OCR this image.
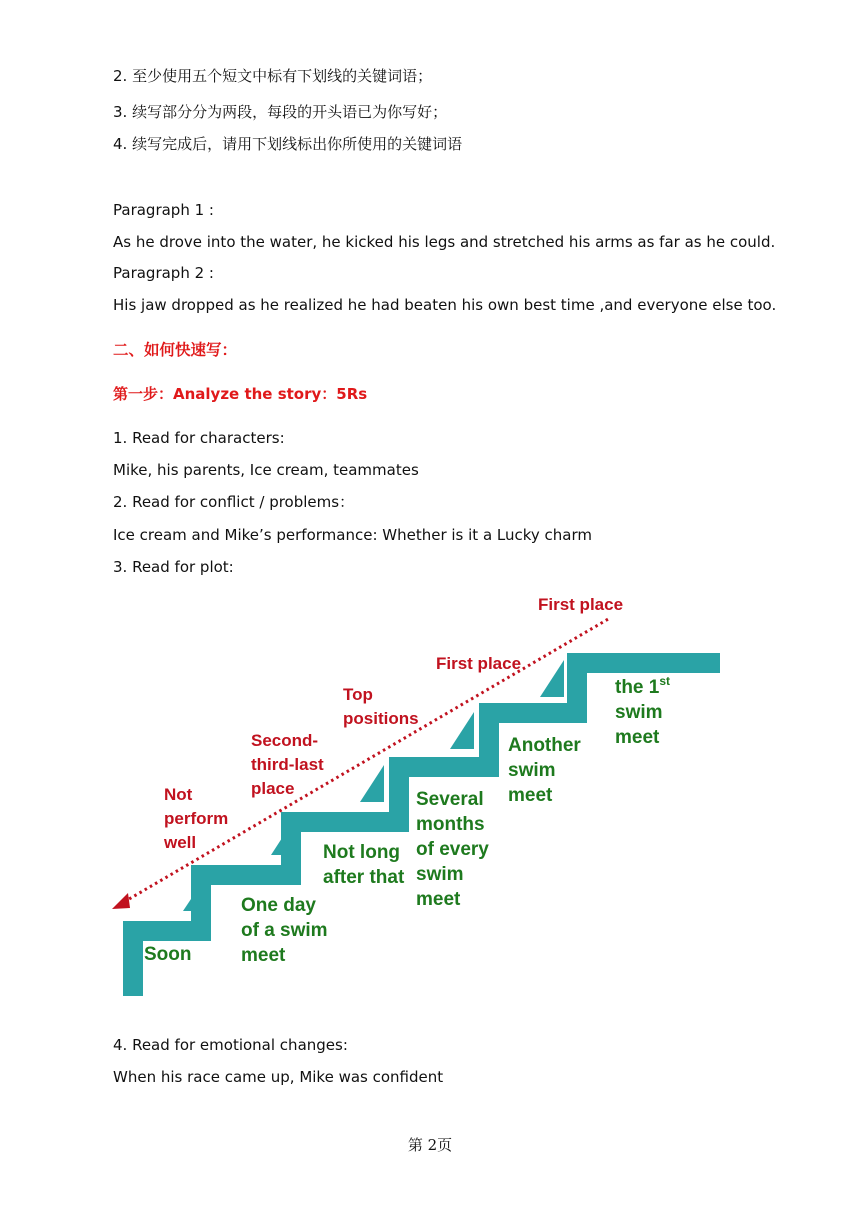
2. 至少使用五个短文中标有下划线的关键词语；
3. 续写部分分为两段，每段的开头语已为你写好；
4. 续写完成后，请用下划线标出你所使用的关键词语
Paragraph 1 :
As he drove into the water, he kicked his legs and stretched his arms as far as he could.
Paragraph 2 :
His jaw dropped as he realized he had beaten his own best time ,and everyone else too.
二、如何快速写：
第一步：Analyze the story：5Rs
1. Read for characters:
Mike, his parents, Ice cream, teammates
2. Read for conflict / problems：
Ice cream and Mike’s performance: Whether is it a Lucky charm
3. Read for plot:
Soon
One day of a swim meet
Not long after that
Several months of every swim meet
Another swim meet
the 1st swim meet
Not perform well
Second- third-last place
Top positions
First place
First place
4. Read for emotional changes:
When his race came up, Mike was confident
第 2页
